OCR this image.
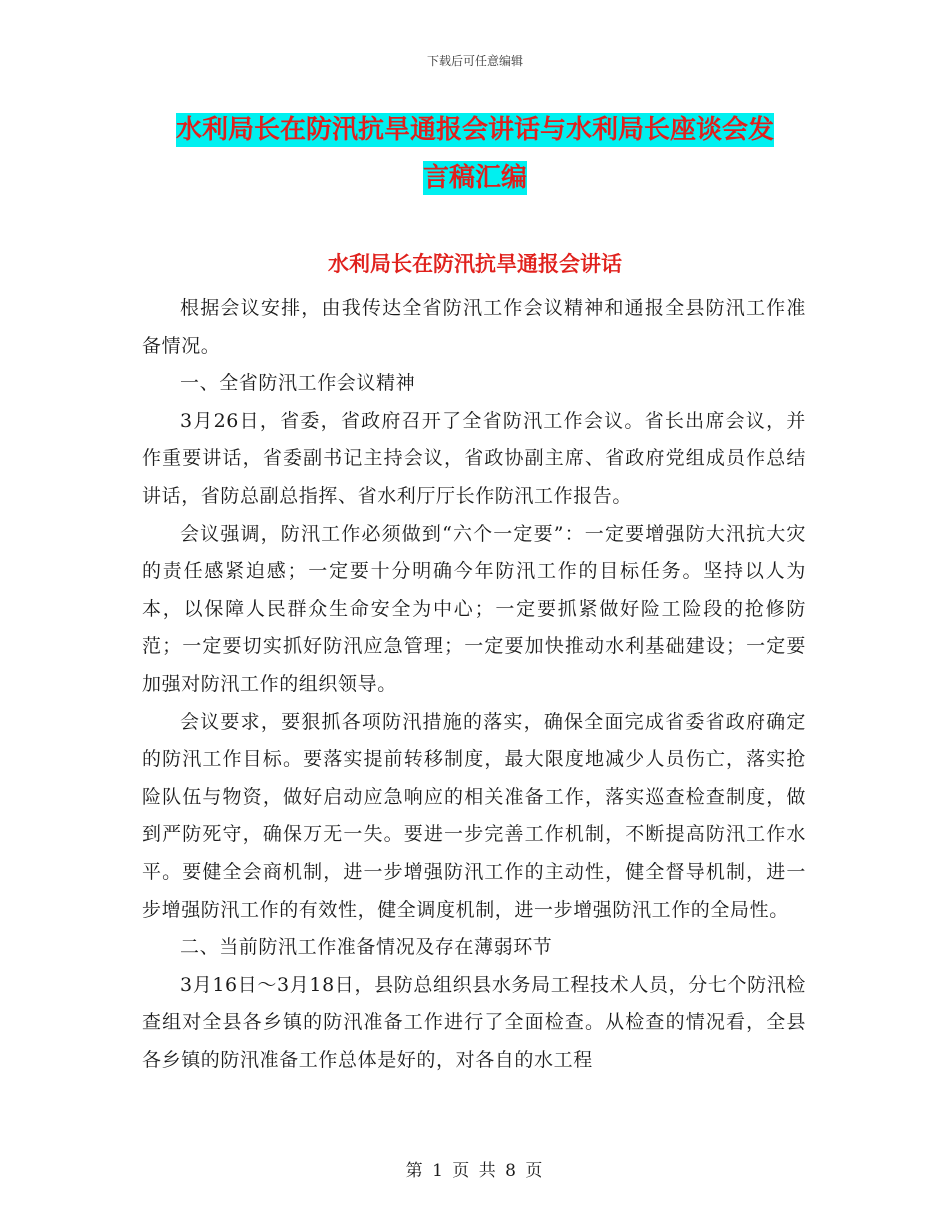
下载后可任意编辑
水利局长在防汛抗旱通报会讲话与水利局长座谈会发
言稿汇编
水利局长在防汛抗旱通报会讲话

根据会议安排，由我传达全省防汛工作会议精神和通报全县防汛工作准备情况。

一、全省防汛工作会议精神

3月26日，省委，省政府召开了全省防汛工作会议。省长出席会议，并作重要讲话，省委副书记主持会议，省政协副主席、省政府党组成员作总结讲话，省防总副总指挥、省水利厅厅长作防汛工作报告。

会议强调，防汛工作必须做到“六个一定要”：一定要增强防大汛抗大灾的责任感紧迫感；一定要十分明确今年防汛工作的目标任务。坚持以人为本，以保障人民群众生命安全为中心；一定要抓紧做好险工险段的抢修防范；一定要切实抓好防汛应急管理；一定要加快推动水利基础建设；一定要加强对防汛工作的组织领导。

会议要求，要狠抓各项防汛措施的落实，确保全面完成省委省政府确定的防汛工作目标。要落实提前转移制度，最大限度地减少人员伤亡，落实抢险队伍与物资，做好启动应急响应的相关准备工作，落实巡查检查制度，做到严防死守，确保万无一失。要进一步完善工作机制，不断提高防汛工作水平。要健全会商机制，进一步增强防汛工作的主动性，健全督导机制，进一步增强防汛工作的有效性，健全调度机制，进一步增强防汛工作的全局性。

二、当前防汛工作准备情况及存在薄弱环节

3月16日～3月18日，县防总组织县水务局工程技术人员，分七个防汛检查组对全县各乡镇的防汛准备工作进行了全面检查。从检查的情况看，全县各乡镇的防汛准备工作总体是好的，对各自的水工程

第 1 页 共 8 页
